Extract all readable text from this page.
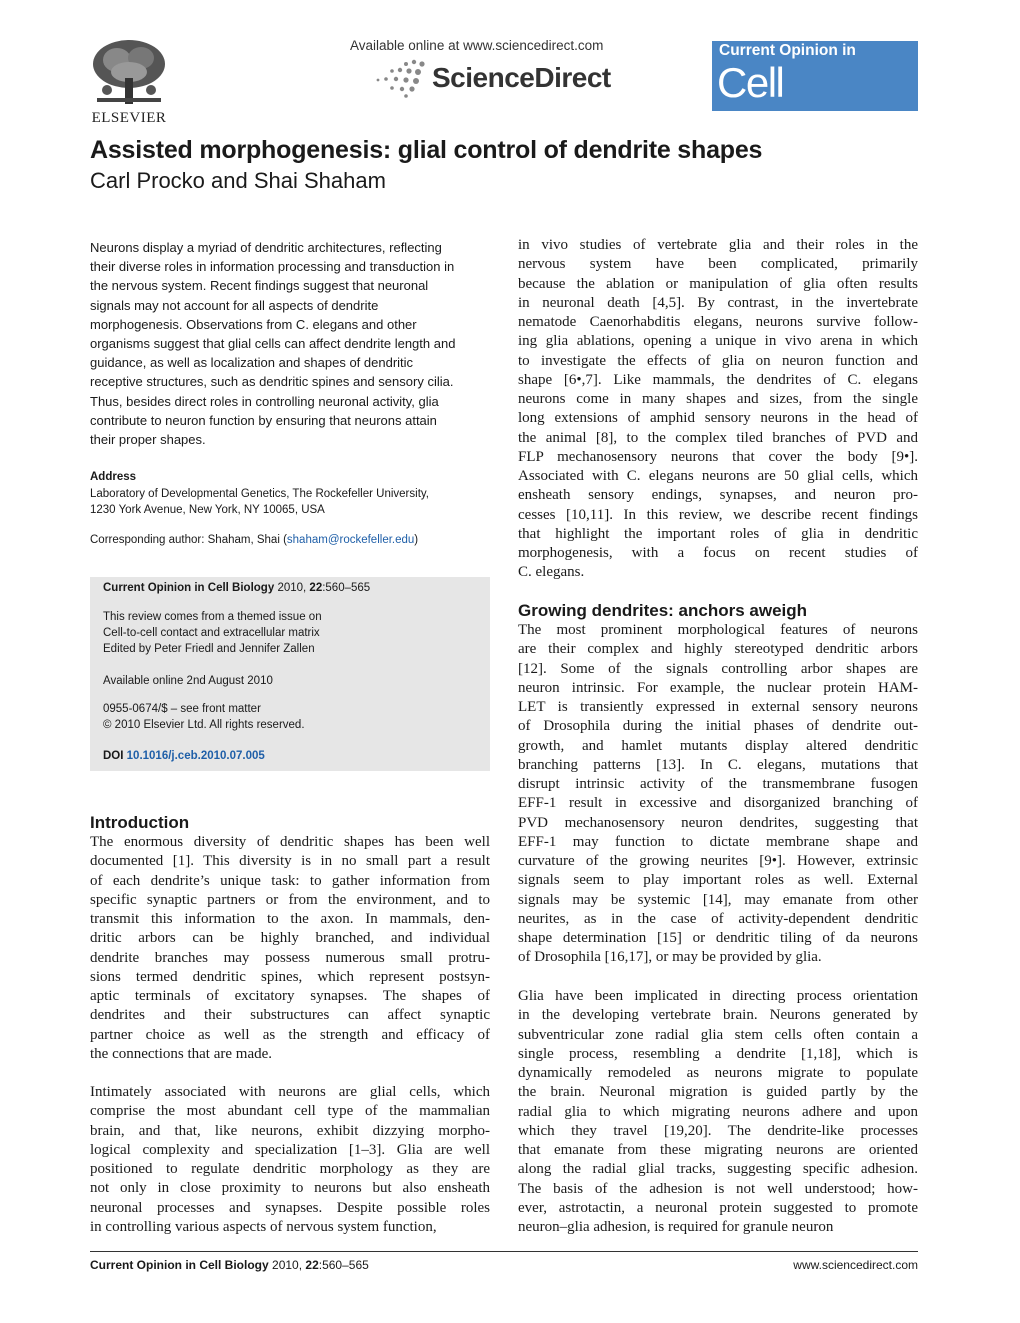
ELSEVIER
Available online at www.sciencedirect.com
ScienceDirect
Current Opinion in
Cell Biology
Assisted morphogenesis: glial control of dendrite shapes
Carl Procko and Shai Shaham
Neurons display a myriad of dendritic architectures, reflecting
their diverse roles in information processing and transduction in
the nervous system. Recent findings suggest that neuronal
signals may not account for all aspects of dendrite
morphogenesis. Observations from C. elegans and other
organisms suggest that glial cells can affect dendrite length and
guidance, as well as localization and shapes of dendritic
receptive structures, such as dendritic spines and sensory cilia.
Thus, besides direct roles in controlling neuronal activity, glia
contribute to neuron function by ensuring that neurons attain
their proper shapes.
Address
Laboratory of Developmental Genetics, The Rockefeller University,
1230 York Avenue, New York, NY 10065, USA
Corresponding author: Shaham, Shai (shaham@rockefeller.edu)
Current Opinion in Cell Biology 2010, 22:560–565
This review comes from a themed issue on
Cell-to-cell contact and extracellular matrix
Edited by Peter Friedl and Jennifer Zallen
Available online 2nd August 2010
0955-0674/$ – see front matter
© 2010 Elsevier Ltd. All rights reserved.
DOI 10.1016/j.ceb.2010.07.005
Introduction
The enormous diversity of dendritic shapes has been well
documented [1]. This diversity is in no small part a result
of each dendrite’s unique task: to gather information from
specific synaptic partners or from the environment, and to
transmit this information to the axon. In mammals, den-
dritic arbors can be highly branched, and individual
dendrite branches may possess numerous small protru-
sions termed dendritic spines, which represent postsyn-
aptic terminals of excitatory synapses. The shapes of
dendrites and their substructures can affect synaptic
partner choice as well as the strength and efficacy of
the connections that are made.
Intimately associated with neurons are glial cells, which
comprise the most abundant cell type of the mammalian
brain, and that, like neurons, exhibit dizzying morpho-
logical complexity and specialization [1–3]. Glia are well
positioned to regulate dendritic morphology as they are
not only in close proximity to neurons but also ensheath
neuronal processes and synapses. Despite possible roles
in controlling various aspects of nervous system function,
in vivo studies of vertebrate glia and their roles in the
nervous system have been complicated, primarily
because the ablation or manipulation of glia often results
in neuronal death [4,5]. By contrast, in the invertebrate
nematode Caenorhabditis elegans, neurons survive follow-
ing glia ablations, opening a unique in vivo arena in which
to investigate the effects of glia on neuron function and
shape [6•,7]. Like mammals, the dendrites of C. elegans
neurons come in many shapes and sizes, from the single
long extensions of amphid sensory neurons in the head of
the animal [8], to the complex tiled branches of PVD and
FLP mechanosensory neurons that cover the body [9•].
Associated with C. elegans neurons are 50 glial cells, which
ensheath sensory endings, synapses, and neuron pro-
cesses [10,11]. In this review, we describe recent findings
that highlight the important roles of glia in dendritic
morphogenesis, with a focus on recent studies of
C. elegans.
Growing dendrites: anchors aweigh
The most prominent morphological features of neurons
are their complex and highly stereotyped dendritic arbors
[12]. Some of the signals controlling arbor shapes are
neuron intrinsic. For example, the nuclear protein HAM-
LET is transiently expressed in external sensory neurons
of Drosophila during the initial phases of dendrite out-
growth, and hamlet mutants display altered dendritic
branching patterns [13]. In C. elegans, mutations that
disrupt intrinsic activity of the transmembrane fusogen
EFF-1 result in excessive and disorganized branching of
PVD mechanosensory neuron dendrites, suggesting that
EFF-1 may function to dictate membrane shape and
curvature of the growing neurites [9•]. However, extrinsic
signals seem to play important roles as well. External
signals may be systemic [14], may emanate from other
neurites, as in the case of activity-dependent dendritic
shape determination [15] or dendritic tiling of da neurons
of Drosophila [16,17], or may be provided by glia.
Glia have been implicated in directing process orientation
in the developing vertebrate brain. Neurons generated by
subventricular zone radial glia stem cells often contain a
single process, resembling a dendrite [1,18], which is
dynamically remodeled as neurons migrate to populate
the brain. Neuronal migration is guided partly by the
radial glia to which migrating neurons adhere and upon
which they travel [19,20]. The dendrite-like processes
that emanate from these migrating neurons are oriented
along the radial glial tracks, suggesting specific adhesion.
The basis of the adhesion is not well understood; how-
ever, astrotactin, a neuronal protein suggested to promote
neuron–glia adhesion, is required for granule neuron
Current Opinion in Cell Biology 2010, 22:560–565	www.sciencedirect.com
